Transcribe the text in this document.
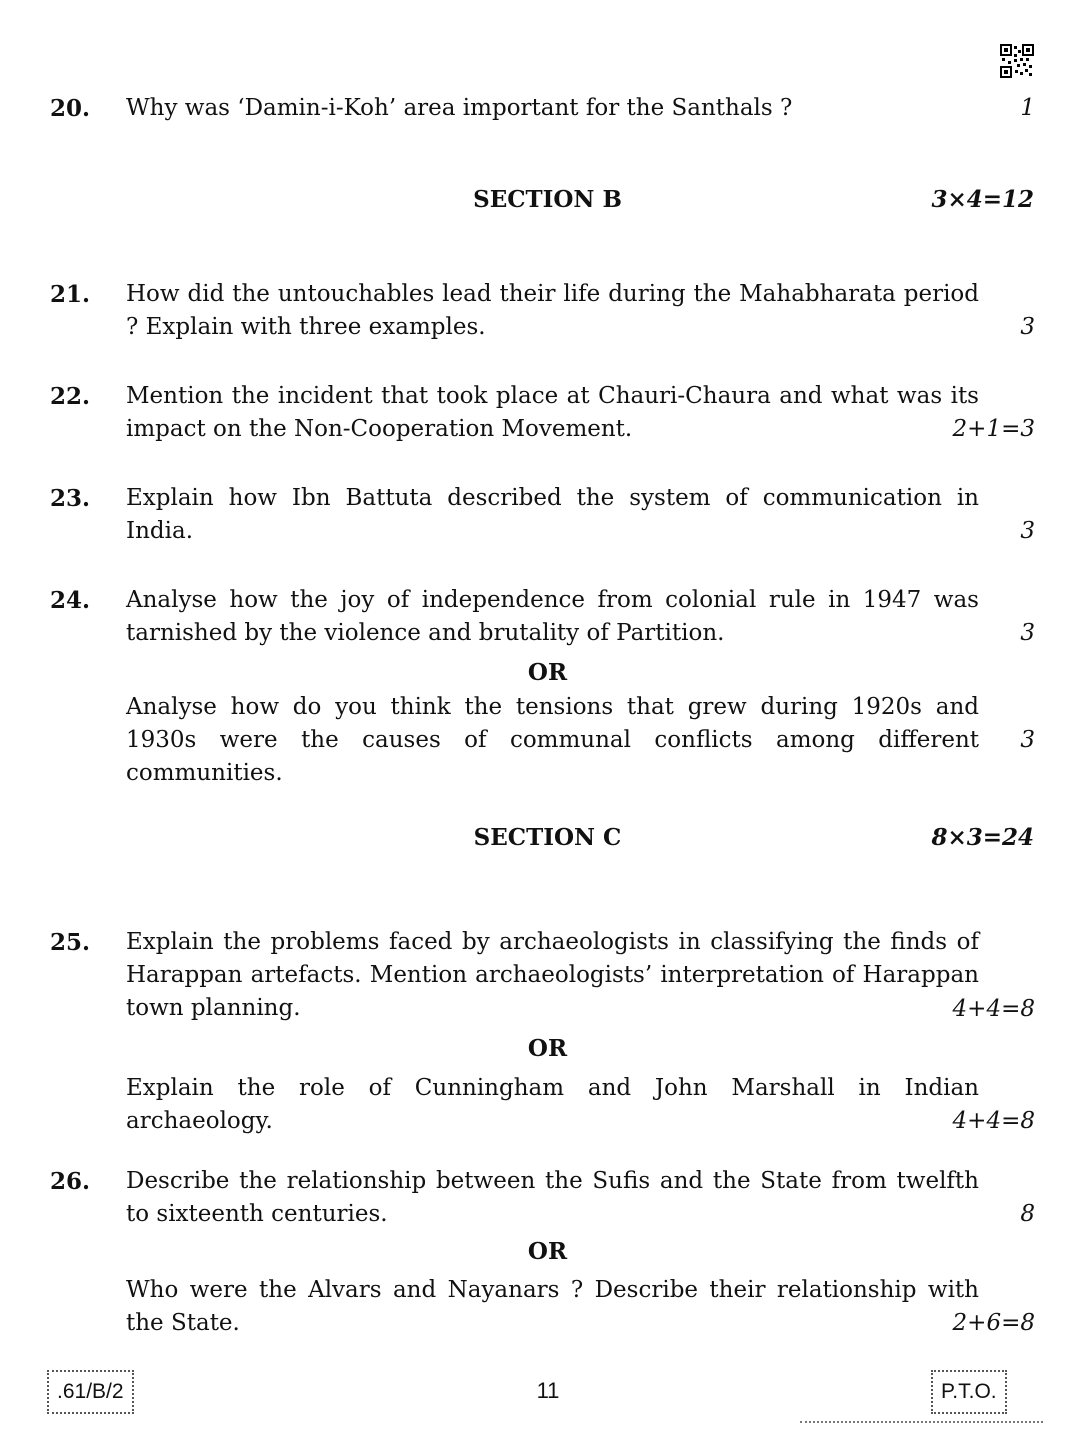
20. Why was ‘Damin-i-Koh’ area important for the Santhals ?	1
SECTION B	3×4=12
21. How did the untouchables lead their life during the Mahabharata period ? Explain with three examples.	3
22. Mention the incident that took place at Chauri-Chaura and what was its impact on the Non-Cooperation Movement.	2+1=3
23. Explain how Ibn Battuta described the system of communication in India.	3
24. Analyse how the joy of independence from colonial rule in 1947 was tarnished by the violence and brutality of Partition.	3
OR
Analyse how do you think the tensions that grew during 1920s and 1930s were the causes of communal conflicts among different communities.
3
SECTION C	8×3=24
25. Explain the problems faced by archaeologists in classifying the finds of Harappan artefacts. Mention archaeologists’ interpretation of Harappan town planning.	4+4=8
OR
Explain the role of Cunningham and John Marshall in Indian archaeology.	4+4=8
26. Describe the relationship between the Sufis and the State from twelfth to sixteenth centuries.	8
OR
Who were the Alvars and Nayanars ? Describe their relationship with the State.	2+6=8
.61/B/2	11	P.T.O.
